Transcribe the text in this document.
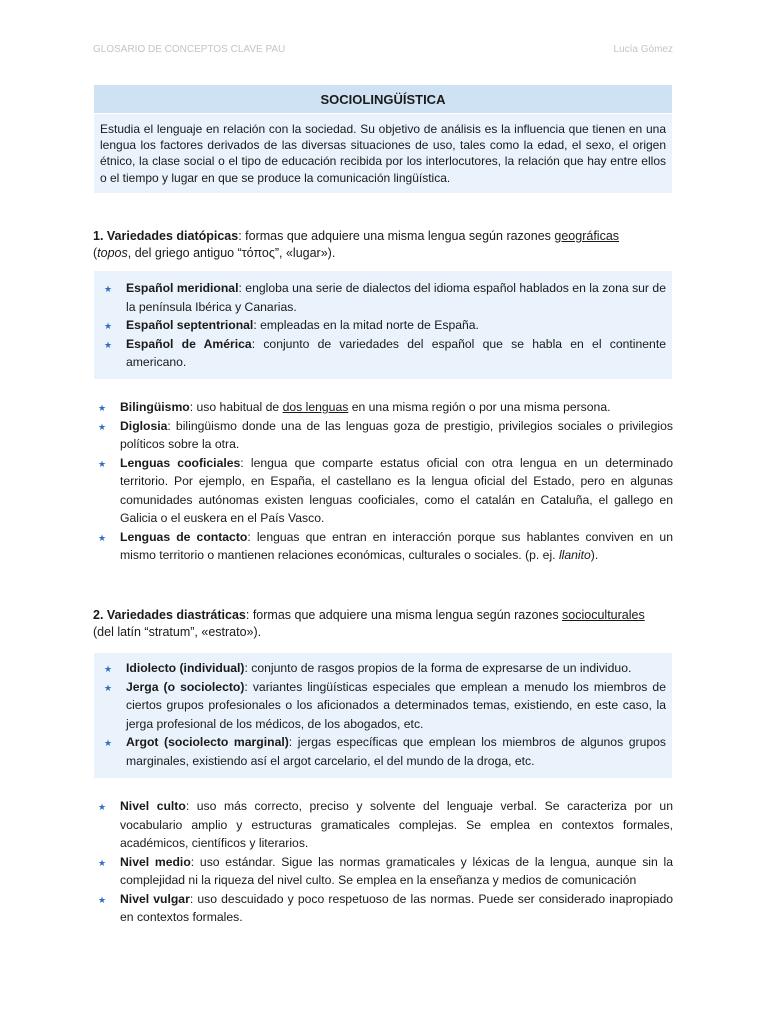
GLOSARIO DE CONCEPTOS CLAVE PAU	Lucía Gómez
SOCIOLINGÜÍSTICA
Estudia el lenguaje en relación con la sociedad. Su objetivo de análisis es la influencia que tienen en una lengua los factores derivados de las diversas situaciones de uso, tales como la edad, el sexo, el origen étnico, la clase social o el tipo de educación recibida por los interlocutores, la relación que hay entre ellos o el tiempo y lugar en que se produce la comunicación lingüística.
1. Variedades diatópicas: formas que adquiere una misma lengua según razones geográficas
(topos, del griego antiguo “τόπος”, «lugar»).
★ Español meridional: engloba una serie de dialectos del idioma español hablados en la zona sur de la península Ibérica y Canarias.
★ Español septentrional: empleadas en la mitad norte de España.
★ Español de América: conjunto de variedades del español que se habla en el continente americano.
★ Bilingüismo: uso habitual de dos lenguas en una misma región o por una misma persona.
★ Diglosia: bilingüismo donde una de las lenguas goza de prestigio, privilegios sociales o privilegios políticos sobre la otra.
★ Lenguas cooficiales: lengua que comparte estatus oficial con otra lengua en un determinado territorio. Por ejemplo, en España, el castellano es la lengua oficial del Estado, pero en algunas comunidades autónomas existen lenguas cooficiales, como el catalán en Cataluña, el gallego en Galicia o el euskera en el País Vasco.
★ Lenguas de contacto: lenguas que entran en interacción porque sus hablantes conviven en un mismo territorio o mantienen relaciones económicas, culturales o sociales. (p. ej. llanito).
2. Variedades diastráticas: formas que adquiere una misma lengua según razones socioculturales
(del latín “stratum”, «estrato»).
★ Idiolecto (individual): conjunto de rasgos propios de la forma de expresarse de un individuo.
★ Jerga (o sociolecto): variantes lingüísticas especiales que emplean a menudo los miembros de ciertos grupos profesionales o los aficionados a determinados temas, existiendo, en este caso, la jerga profesional de los médicos, de los abogados, etc.
★ Argot (sociolecto marginal): jergas específicas que emplean los miembros de algunos grupos marginales, existiendo así el argot carcelario, el del mundo de la droga, etc.
★ Nivel culto: uso más correcto, preciso y solvente del lenguaje verbal. Se caracteriza por un vocabulario amplio y estructuras gramaticales complejas. Se emplea en contextos formales, académicos, científicos y literarios.
★ Nivel medio: uso estándar. Sigue las normas gramaticales y léxicas de la lengua, aunque sin la complejidad ni la riqueza del nivel culto. Se emplea en la enseñanza y medios de comunicación
★ Nivel vulgar: uso descuidado y poco respetuoso de las normas. Puede ser considerado inapropiado en contextos formales.
